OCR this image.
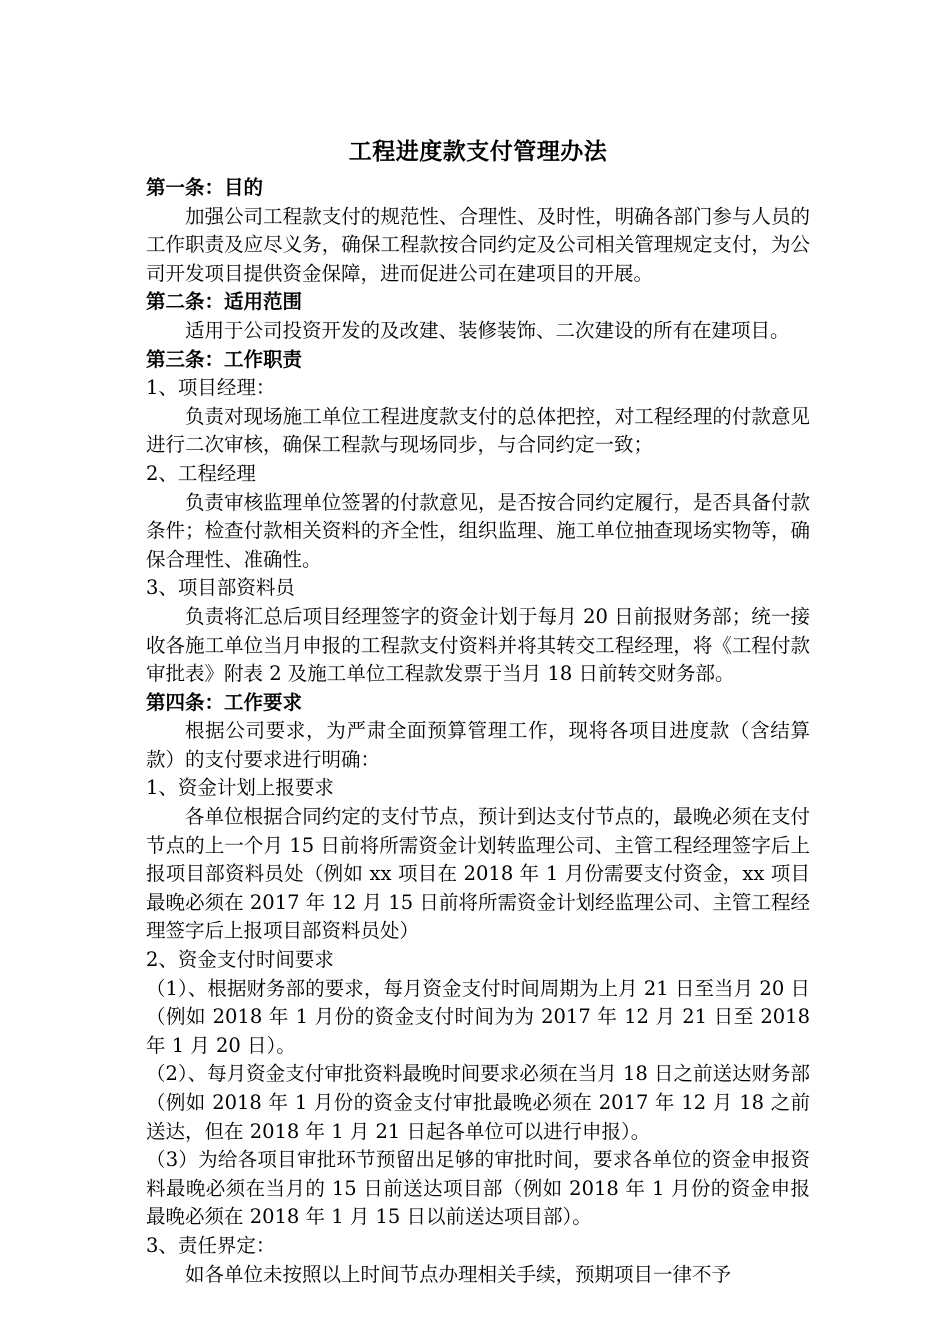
工程进度款支付管理办法
第一条：目的

加强公司工程款支付的规范性、合理性、及时性，明确各部门参与人员的工作职责及应尽义务，确保工程款按合同约定及公司相关管理规定支付，为公司开发项目提供资金保障，进而促进公司在建项目的开展。

第二条：适用范围

适用于公司投资开发的及改建、装修装饰、二次建设的所有在建项目。

第三条：工作职责
1、项目经理：

负责对现场施工单位工程进度款支付的总体把控，对工程经理的付款意见进行二次审核，确保工程款与现场同步，与合同约定一致；

2、工程经理

负责审核监理单位签署的付款意见，是否按合同约定履行，是否具备付款条件；检查付款相关资料的齐全性，组织监理、施工单位抽查现场实物等，确保合理性、准确性。

3、项目部资料员

负责将汇总后项目经理签字的资金计划于每月 20 日前报财务部；统一接收各施工单位当月申报的工程款支付资料并将其转交工程经理，将《工程付款审批表》附表 2 及施工单位工程款发票于当月 18 日前转交财务部。

第四条：工作要求

根据公司要求，为严肃全面预算管理工作，现将各项目进度款（含结算款）的支付要求进行明确：

1、资金计划上报要求

各单位根据合同约定的支付节点，预计到达支付节点的，最晚必须在支付节点的上一个月 15 日前将所需资金计划转监理公司、主管工程经理签字后上报项目部资料员处（例如 xx 项目在 2018 年 1 月份需要支付资金，xx 项目最晚必须在 2017 年 12 月 15 日前将所需资金计划经监理公司、主管工程经理签字后上报项目部资料员处）

2、资金支付时间要求

（1）、根据财务部的要求，每月资金支付时间周期为上月 21 日至当月 20 日（例如 2018 年 1 月份的资金支付时间为为 2017 年 12 月 21 日至 2018 年 1 月 20 日）。

（2）、每月资金支付审批资料最晚时间要求必须在当月 18 日之前送达财务部（例如 2018 年 1 月份的资金支付审批最晚必须在 2017 年 12 月 18 之前送达，但在 2018 年 1 月 21 日起各单位可以进行申报）。

（3）为给各项目审批环节预留出足够的审批时间，要求各单位的资金申报资料最晚必须在当月的 15 日前送达项目部（例如 2018 年 1 月份的资金申报最晚必须在 2018 年 1 月 15 日以前送达项目部）。

3、责任界定：

如各单位未按照以上时间节点办理相关手续，预期项目一律不予
